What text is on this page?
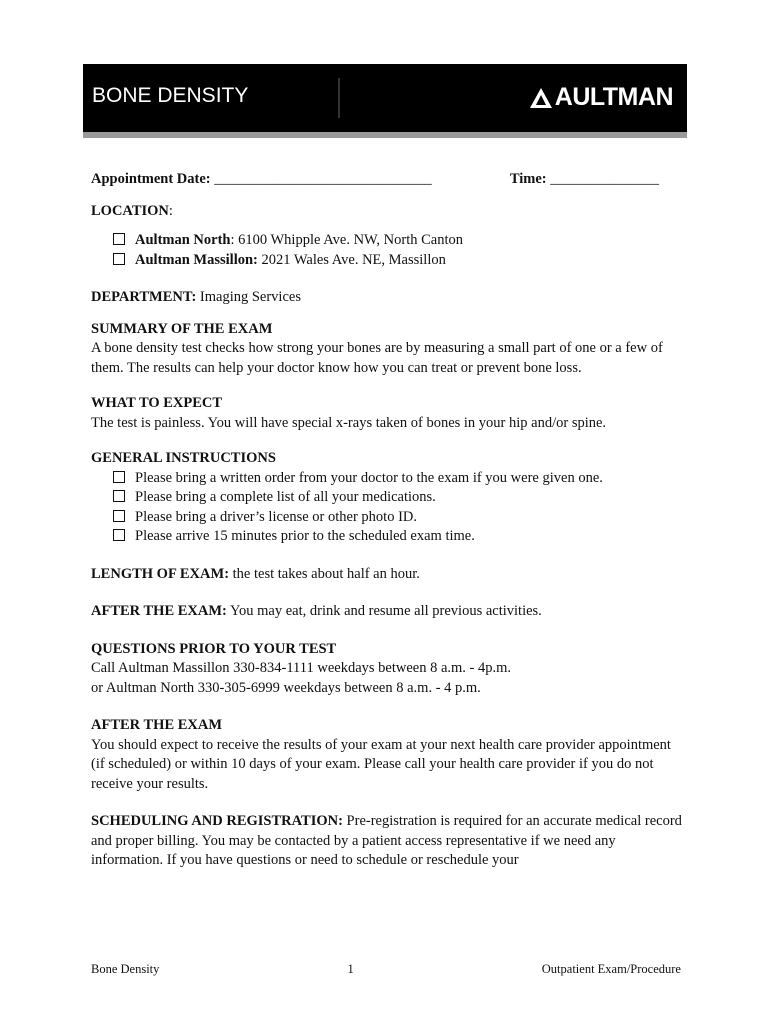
BONE DENSITY	AULTMAN
Appointment Date: ______________________________	Time: _______________

LOCATION:

Aultman North: 6100 Whipple Ave. NW, North Canton
Aultman Massillon: 2021 Wales Ave. NE, Massillon

DEPARTMENT: Imaging Services

SUMMARY OF THE EXAM

A bone density test checks how strong your bones are by measuring a small part of one or a few of them. The results can help your doctor know how you can treat or prevent bone loss.

WHAT TO EXPECT

The test is painless. You will have special x-rays taken of bones in your hip and/or spine.

GENERAL INSTRUCTIONS

Please bring a written order from your doctor to the exam if you were given one.
Please bring a complete list of all your medications.
Please bring a driver’s license or other photo ID.
Please arrive 15 minutes prior to the scheduled exam time.

LENGTH OF EXAM: the test takes about half an hour.

AFTER THE EXAM: You may eat, drink and resume all previous activities.

QUESTIONS PRIOR TO YOUR TEST

Call Aultman Massillon 330-834-1111 weekdays between 8 a.m. - 4p.m.

or Aultman North 330-305-6999 weekdays between 8 a.m. - 4 p.m.

AFTER THE EXAM

You should expect to receive the results of your exam at your next health care provider appointment (if scheduled) or within 10 days of your exam. Please call your health care provider if you do not receive your results.

SCHEDULING AND REGISTRATION: Pre-registration is required for an accurate medical record and proper billing. You may be contacted by a patient access representative if we need any information. If you have questions or need to schedule or reschedule your

Bone Density	1	Outpatient Exam/Procedure
